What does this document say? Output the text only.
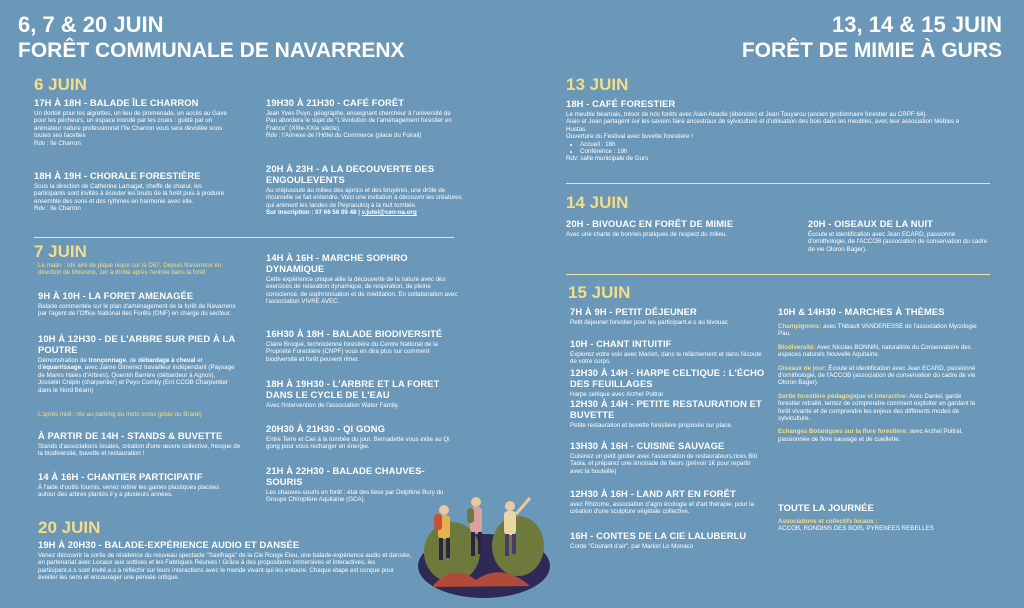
6, 7 & 20 JUIN
FORÊT COMMUNALE DE NAVARRENX
13, 14 & 15 JUIN
FORÊT DE MIMIE À GURS
6 JUIN
17H À 18H - BALADE ÎLE CHARRON

Un dortoir pour les aigrettes, un lieu de promenade, un accès au Gave pour les pêcheurs, un espace inondé par les crues : guidé par un animateur nature professionnel l'île Charron vous sera dévoilée sous toutes ses facettes

Rdv : île Charron

18H À 19H - CHORALE FORESTIÈRE

Sous la direction de Catherine Lamagat, cheffe de chœur, les participants sont invités à écouter les bruits de la forêt puis à produire ensemble des sons et des rythmes en harmonie avec elle.

Rdv : île Charron

19H30 À 21H30 - CAFÉ FORÊT

Jean Yves Puyo, géographe, enseignant chercheur à l'université de Pau abordera le sujet de "L'évolution de l'aménagement forestier en France" (XIIIe-XXIe siècle).

Rdv : l'Annexe de l'Hôtel du Commerce (place du Foirail)

20H À 23H - A LA DECOUVERTE DES ENGOULEVENTS

Au crépuscule au milieu des ajoncs et des bruyères, une drôle de ritournelle se fait entendre. Voici une invitation à découvrir les créatures qui animent les landes de Peyraoutcq à la nuit tombée.

Sur inscription : 07 66 56 09 48 | v.jutel@cen-na.org

7 JUIN
Le matin : rdv aire de pique nique sur la D67. Depuis Navarrenx en direction de Mourenx, 1er à droite après l'entrée dans la forêt
9H À 10H - LA FORET AMENAGÉE
Balade commentée sur le plan d'aménagement de la forêt de Navarrenx par l'agent de l'Office National des Forêts (ONF) en charge du secteur.
10H À 12H30 - DE L'ARBRE SUR PIED À LA POUTRE
Démonstration de tronçonnage, de débardage à cheval et d'équarrissage, avec Jaime Gimenez travailleur indépendant (Paysage de Mares Hales d'Arbres), Quentin Barrère (débardeur à Agnos), Josselin Crépin (charpentier) et Peyo Comby (Ent CCOB Charpentier dans le Nord Béarn)
L'après midi : rdv au parking du moto cross (piste du Brané)
À PARTIR DE 14H - STANDS & BUVETTE
Stands d'associations locales, création d'une œuvre collective, fresque de la biodiversité, buvette et restauration !
14 À 16H - CHANTIER PARTICIPATIF
À l'aide d'outils fournis, venez retirer les gaines plastiques placées autour des arbres plantés il y a plusieurs années.
14H À 16H - MARCHE SOPHRO DYNAMIQUE
Cette expérience unique allie la découverte de la nature avec des exercices de relaxation dynamique, de respiration, de pleine conscience, de sophronisation et de méditation. En collaboration avec l'association VIVRE AVEC.
16H30 À 18H - BALADE BIODIVERSITÉ
Claire Broqué, technicienne forestière du Centre National de la Propriété Forestière (CNPF) vous en dira plus sur comment biodiversité et forêt peuvent rimer.
18H À 19H30 - L'ARBRE ET LA FORET DANS LE CYCLE DE L'EAU
Avec l'intervention de l'association Water Family.
20H30 À 21H30 - QI GONG
Entre Terre et Ciel à la tombée du jour, Bernadette vous initie au Qi gong pour vous recharger en énergie.
21H À 22H30 - BALADE CHAUVES-SOURIS
Les chauves-souris en forêt : état des lieux par Delphine Bury du Groupe Chiroptère Aquitaine (GCA).
20 JUIN
19H À 20H30 - BALADE-EXPÉRIENCE AUDIO ET DANSÉE
Venez découvrir la sortie de résidence du nouveau spectacle "Saxifraga" de la Cie Rouge Eleu, une balade-expérience audio et dansée, en partenariat avec Locaux aux sottises et les Fabriques Réunies ! Grâce à des propositions immersives et interactives, les participant.e.s sont invité.e.s à réfléchir sur leurs interactions avec le monde vivant qui les entoure. Chaque étape est conçue pour éveiller les sens et encourager une pensée critique.
13 JUIN
18H - CAFÉ FORESTIER

Le meuble béarnais, trésor de nos forêts avec Alain Abadie (ébéniste) et Jean Touyarou (ancien gestionnaire forestier au CRPF 64).

Alain et Jean partagent sur les savoirs faire ancestraux de sylviculture et d'utilisation des bois dans les meubles, avec leur association Mèbles e Hustas.

Ouverture du Festival avec buvette forestière !

• Accueil : 18h
• Conférence : 19h

Rdv: salle municipale de Gurs

14 JUIN
20H - BIVOUAC EN FORÊT DE MIMIE
Avec une charte de bonnes pratiques de respect du milieu.
20H - OISEAUX DE LA NUIT
Écoute et identification avec Jean ECARD, passionné d'ornithologie, de l'ACCOB (association de conservation du cadre de vie Oloron Bager).
15 JUIN
7H À 9H - PETIT DÉJEUNER
Petit déjeuner forestier pour les participant.e.s au bivouac
10H - CHANT INTUITIF
Explorez votre voix avec Marion, dans le relâchement et dans l'écoute de votre corps.
12H30 À 14H - HARPE CELTIQUE : L'ÉCHO DES FEUILLAGES
Harpe celtique avec Arzhel Poitral
12H30 À 14H - PETITE RESTAURATION ET BUVETTE
Petite restauration et buvette forestière proposée sur place.
13H30 À 16H - CUISINE SAUVAGE
Cuisinez un petit goûter avec l'association de restaurateurs.rices Blû Taola, et préparez une limonade de fleurs (prévoir 1€ pour repartir avec la bouteille)
12H30 À 16H - LAND ART EN FORÊT
avec Rhizome, association d'agro écologie et d'art thérapie, pour la création d'une sculpture végétale collective.
16H - CONTES DE LA CIE LALUBERLU
Conte "Courant d'air", par Marion Lo Monaco
10H & 14H30 - MARCHES À THÈMES

Champignons: avec Thibault VANDERESSE de l'association Mycologie Pau.

Biodiversité: Avec Nicolas BONNIN, naturaliste du Conservatoire des espaces naturels Nouvelle Aquitaine.

Oiseaux de jour: Écoute et identification avec Jean ECARD, passionné d'ornithologie, de l'ACCOB (association de conservation du cadre de vie Oloron Bager).

Sortie forestière pédagogique et interactive: Avec Daniel, garde forestier retraité, tentez de comprendre comment exploiter en gardant la forêt vivante et de comprendre les enjeux des différents modes de sylviculture.

Echanges Botaniques sur la flore forestière: avec Arzhel Poitral, passionnée de flore sauvage et de cueillette.

TOUTE LA JOURNÉE

Associations et collectifs locaux :

ACCOB, RONDINS DES BOIS, PYRENEES REBELLES
